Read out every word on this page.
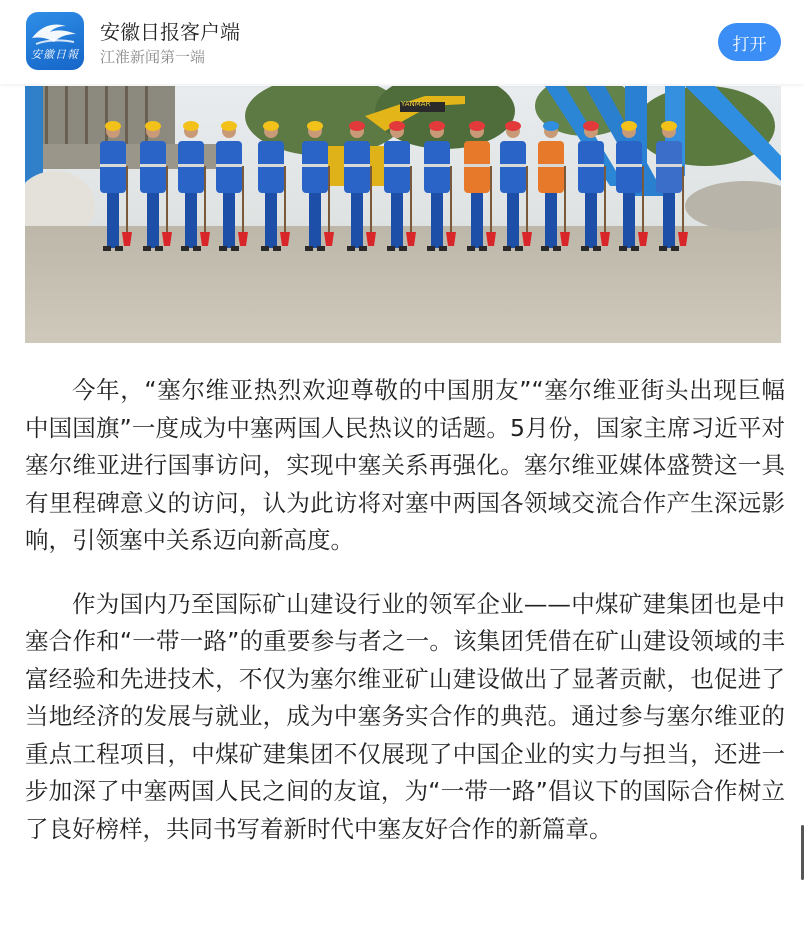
安徽日報
安徽日报客户端
江淮新闻第一端
打开
YANMAR

今年，“塞尔维亚热烈欢迎尊敬的中国朋友”“塞尔维亚街头出现巨幅中国国旗”一度成为中塞两国人民热议的话题。5月份，国家主席习近平对塞尔维亚进行国事访问，实现中塞关系再强化。塞尔维亚媒体盛赞这一具有里程碑意义的访问，认为此访将对塞中两国各领域交流合作产生深远影响，引领塞中关系迈向新高度。

作为国内乃至国际矿山建设行业的领军企业——中煤矿建集团也是中塞合作和“一带一路”的重要参与者之一。该集团凭借在矿山建设领域的丰富经验和先进技术，不仅为塞尔维亚矿山建设做出了显著贡献，也促进了当地经济的发展与就业，成为中塞务实合作的典范。通过参与塞尔维亚的重点工程项目，中煤矿建集团不仅展现了中国企业的实力与担当，还进一步加深了中塞两国人民之间的友谊，为“一带一路”倡议下的国际合作树立了良好榜样，共同书写着新时代中塞友好合作的新篇章。
